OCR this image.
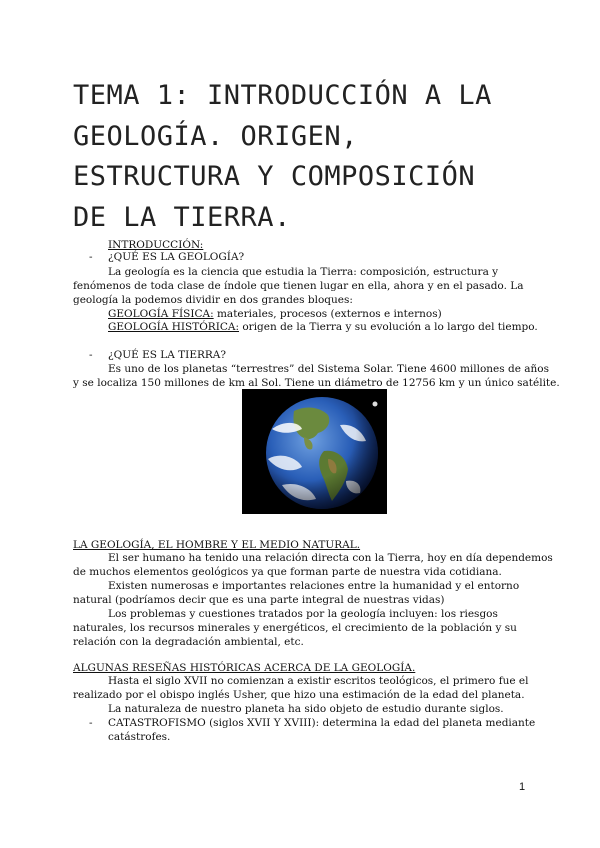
TEMA 1: INTRODUCCIÓN A LA
GEOLOGÍA. ORIGEN,
ESTRUCTURA Y COMPOSICIÓN
DE LA TIERRA.
INTRODUCCIÓN:
- ¿QUÉ ES LA GEOLOGÍA?
La geología es la ciencia que estudia la Tierra: composición, estructura y
fenómenos de toda clase de índole que tienen lugar en ella, ahora y en el pasado. La
geología la podemos dividir en dos grandes bloques:
GEOLOGÍA FÍSICA: materiales, procesos (externos e internos)
GEOLOGÍA HISTÓRICA: origen de la Tierra y su evolución a lo largo del tiempo.
- ¿QUÉ ES LA TIERRA?
Es uno de los planetas “terrestres” del Sistema Solar. Tiene 4600 millones de años
y se localiza 150 millones de km al Sol. Tiene un diámetro de 12756 km y un único satélite.
LA GEOLOGÍA, EL HOMBRE Y EL MEDIO NATURAL.
El ser humano ha tenido una relación directa con la Tierra, hoy en día dependemos
de muchos elementos geológicos ya que forman parte de nuestra vida cotidiana.
Existen numerosas e importantes relaciones entre la humanidad y el entorno
natural (podríamos decir que es una parte integral de nuestras vidas)
Los problemas y cuestiones tratados por la geología incluyen: los riesgos
naturales, los recursos minerales y energéticos, el crecimiento de la población y su
relación con la degradación ambiental, etc.
ALGUNAS RESEÑAS HISTÓRICAS ACERCA DE LA GEOLOGÍA.
Hasta el siglo XVII no comienzan a existir escritos teológicos, el primero fue el
realizado por el obispo inglés Usher, que hizo una estimación de la edad del planeta.
La naturaleza de nuestro planeta ha sido objeto de estudio durante siglos.
- CATASTROFISMO (siglos XVII Y XVIII): determina la edad del planeta mediante
catástrofes.
1
